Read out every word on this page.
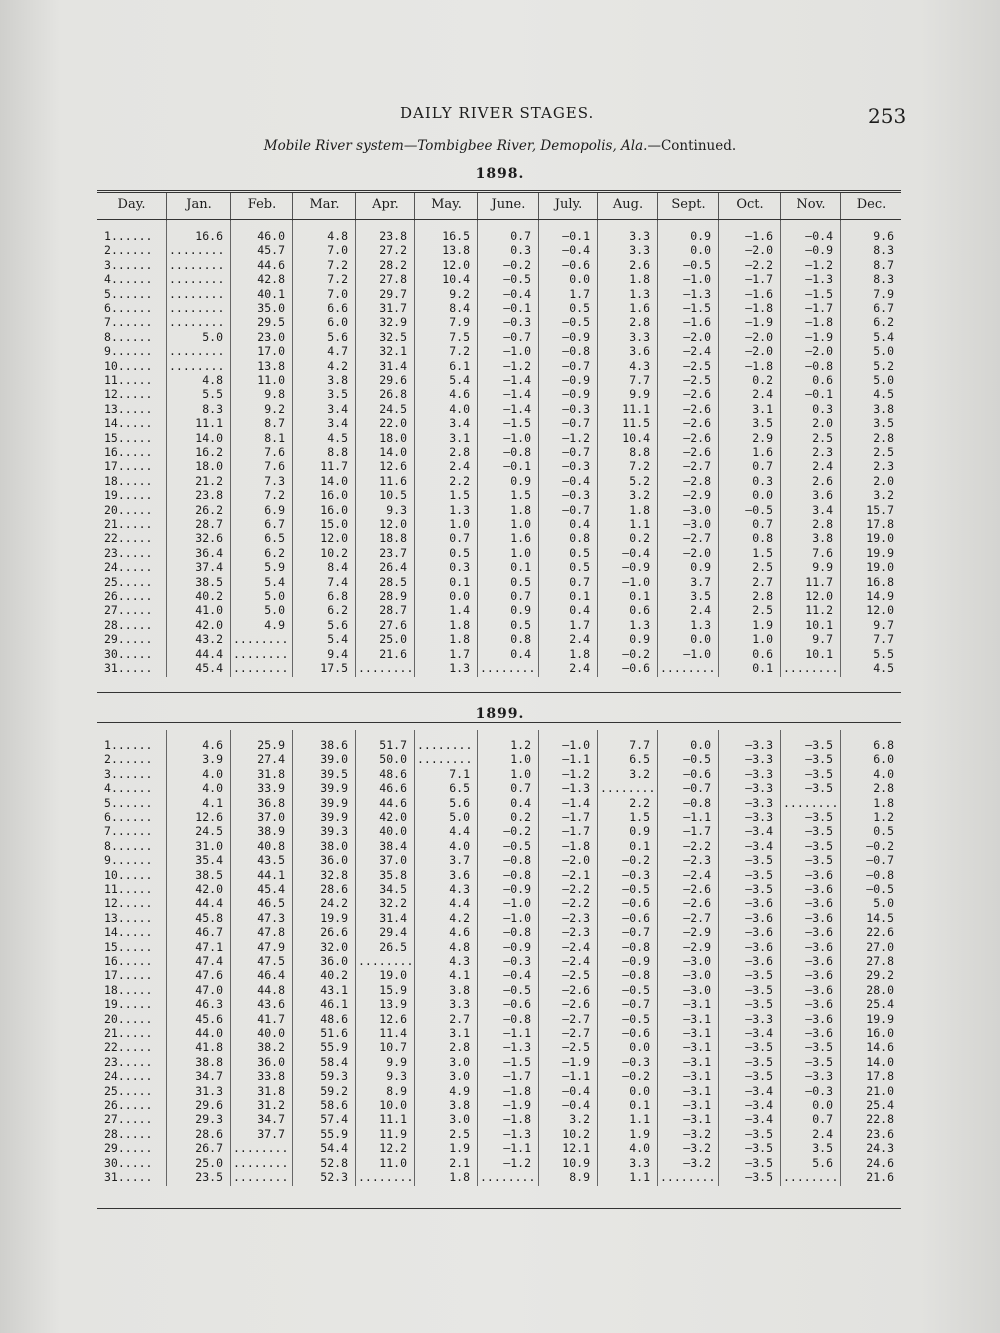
DAILY RIVER STAGES.	253
Mobile River system—Tombigbee River, Demopolis, Ala.—Continued.
Day.	Jan.	Feb.	Mar.	Apr.	May.	June.	July.	Aug.	Sept.	Oct.	Nov.	Dec.
1898.
1......	16.6	46.0	4.8	23.8	16.5	0.7	—0.1	3.3	0.9	—1.6	—0.4	9.6
2...... ........	45.7	7.0	27.2	13.8	0.3	—0.4	3.3	0.0	—2.0	—0.9	8.3
3...... ........	44.6	7.2	28.2	12.0	—0.2	—0.6	2.6	—0.5	—2.2	—1.2	8.7
4...... ........	42.8	7.2	27.8	10.4	—0.5	0.0	1.8	—1.0	—1.7	—1.3	8.3
5...... ........	40.1	7.0	29.7	9.2	—0.4	1.7	1.3	—1.3	—1.6	—1.5	7.9
6...... ........	35.0	6.6	31.7	8.4	—0.1	0.5	1.6	—1.5	—1.8	—1.7	6.7
7...... ........	29.5	6.0	32.9	7.9	—0.3	—0.5	2.8	—1.6	—1.9	—1.8	6.2
8......	5.0	23.0	5.6	32.5	7.5	—0.7	—0.9	3.3	—2.0	—2.0	—1.9	5.4
9...... ........	17.0	4.7	32.1	7.2	—1.0	—0.8	3.6	—2.4	—2.0	—2.0	5.0
10..... ........	13.8	4.2	31.4	6.1	—1.2	—0.7	4.3	—2.5	—1.8	—0.8	5.2
11.....	4.8	11.0	3.8	29.6	5.4	—1.4	—0.9	7.7	—2.5	0.2	0.6	5.0
12.....	5.5	9.8	3.5	26.8	4.6	—1.4	—0.9	9.9	—2.6	2.4	—0.1	4.5
13.....	8.3	9.2	3.4	24.5	4.0	—1.4	—0.3	11.1	—2.6	3.1	0.3	3.8
14.....	11.1	8.7	3.4	22.0	3.4	—1.5	—0.7	11.5	—2.6	3.5	2.0	3.5
15.....	14.0	8.1	4.5	18.0	3.1	—1.0	—1.2	10.4	—2.6	2.9	2.5	2.8
16.....	16.2	7.6	8.8	14.0	2.8	—0.8	—0.7	8.8	—2.6	1.6	2.3	2.5
17.....	18.0	7.6	11.7	12.6	2.4	—0.1	—0.3	7.2	—2.7	0.7	2.4	2.3
18.....	21.2	7.3	14.0	11.6	2.2	0.9	—0.4	5.2	—2.8	0.3	2.6	2.0
19.....	23.8	7.2	16.0	10.5	1.5	1.5	—0.3	3.2	—2.9	0.0	3.6	3.2
20.....	26.2	6.9	16.0	9.3	1.3	1.8	—0.7	1.8	—3.0	—0.5	3.4	15.7
21.....	28.7	6.7	15.0	12.0	1.0	1.0	0.4	1.1	—3.0	0.7	2.8	17.8
22.....	32.6	6.5	12.0	18.8	0.7	1.6	0.8	0.2	—2.7	0.8	3.8	19.0
23.....	36.4	6.2	10.2	23.7	0.5	1.0	0.5	—0.4	—2.0	1.5	7.6	19.9
24.....	37.4	5.9	8.4	26.4	0.3	0.1	0.5	—0.9	0.9	2.5	9.9	19.0
25.....	38.5	5.4	7.4	28.5	0.1	0.5	0.7	—1.0	3.7	2.7	11.7	16.8
26.....	40.2	5.0	6.8	28.9	0.0	0.7	0.1	0.1	3.5	2.8	12.0	14.9
27.....	41.0	5.0	6.2	28.7	1.4	0.9	0.4	0.6	2.4	2.5	11.2	12.0
28.....	42.0	4.9	5.6	27.6	1.8	0.5	1.7	1.3	1.3	1.9	10.1	9.7
29.....	43.2 ........	5.4	25.0	1.8	0.8	2.4	0.9	0.0	1.0	9.7	7.7
30.....	44.4 ........	9.4	21.6	1.7	0.4	1.8	—0.2	—1.0	0.6	10.1	5.5
31.....	45.4 ........	17.5 ........	1.3 ........	2.4	—0.6 ........	0.1 ........	4.5
1899.
1......	4.6	25.9	38.6	51.7 ........	1.2	—1.0	7.7	0.0	—3.3	—3.5	6.8
2......	3.9	27.4	39.0	50.0 ........	1.0	—1.1	6.5	—0.5	—3.3	—3.5	6.0
3......	4.0	31.8	39.5	48.6	7.1	1.0	—1.2	3.2	—0.6	—3.3	—3.5	4.0
4......	4.0	33.9	39.9	46.6	6.5	0.7	—1.3 ........	—0.7	—3.3	—3.5	2.8
5......	4.1	36.8	39.9	44.6	5.6	0.4	—1.4	2.2	—0.8	—3.3 ........	1.8
6......	12.6	37.0	39.9	42.0	5.0	0.2	—1.7	1.5	—1.1	—3.3	—3.5	1.2
7......	24.5	38.9	39.3	40.0	4.4	—0.2	—1.7	0.9	—1.7	—3.4	—3.5	0.5
8......	31.0	40.8	38.0	38.4	4.0	—0.5	—1.8	0.1	—2.2	—3.4	—3.5	—0.2
9......	35.4	43.5	36.0	37.0	3.7	—0.8	—2.0	—0.2	—2.3	—3.5	—3.5	—0.7
10.....	38.5	44.1	32.8	35.8	3.6	—0.8	—2.1	—0.3	—2.4	—3.5	—3.6	—0.8
11.....	42.0	45.4	28.6	34.5	4.3	—0.9	—2.2	—0.5	—2.6	—3.5	—3.6	—0.5
12.....	44.4	46.5	24.2	32.2	4.4	—1.0	—2.2	—0.6	—2.6	—3.6	—3.6	5.0
13.....	45.8	47.3	19.9	31.4	4.2	—1.0	—2.3	—0.6	—2.7	—3.6	—3.6	14.5
14.....	46.7	47.8	26.6	29.4	4.6	—0.8	—2.3	—0.7	—2.9	—3.6	—3.6	22.6
15.....	47.1	47.9	32.0	26.5	4.8	—0.9	—2.4	—0.8	—2.9	—3.6	—3.6	27.0
16.....	47.4	47.5	36.0 ........	4.3	—0.3	—2.4	—0.9	—3.0	—3.6	—3.6	27.8
17.....	47.6	46.4	40.2	19.0	4.1	—0.4	—2.5	—0.8	—3.0	—3.5	—3.6	29.2
18.....	47.0	44.8	43.1	15.9	3.8	—0.5	—2.6	—0.5	—3.0	—3.5	—3.6	28.0
19.....	46.3	43.6	46.1	13.9	3.3	—0.6	—2.6	—0.7	—3.1	—3.5	—3.6	25.4
20.....	45.6	41.7	48.6	12.6	2.7	—0.8	—2.7	—0.5	—3.1	—3.3	—3.6	19.9
21.....	44.0	40.0	51.6	11.4	3.1	—1.1	—2.7	—0.6	—3.1	—3.4	—3.6	16.0
22.....	41.8	38.2	55.9	10.7	2.8	—1.3	—2.5	0.0	—3.1	—3.5	—3.5	14.6
23.....	38.8	36.0	58.4	9.9	3.0	—1.5	—1.9	—0.3	—3.1	—3.5	—3.5	14.0
24.....	34.7	33.8	59.3	9.3	3.0	—1.7	—1.1	—0.2	—3.1	—3.5	—3.3	17.8
25.....	31.3	31.8	59.2	8.9	4.9	—1.8	—0.4	0.0	—3.1	—3.4	—0.3	21.0
26.....	29.6	31.2	58.6	10.0	3.8	—1.9	—0.4	0.1	—3.1	—3.4	0.0	25.4
27.....	29.3	34.7	57.4	11.1	3.0	—1.8	3.2	1.1	—3.1	—3.4	0.7	22.8
28.....	28.6	37.7	55.9	11.9	2.5	—1.3	10.2	1.9	—3.2	—3.5	2.4	23.6
29.....	26.7 ........	54.4	12.2	1.9	—1.1	12.1	4.0	—3.2	—3.5	3.5	24.3
30.....	25.0 ........	52.8	11.0	2.1	—1.2	10.9	3.3	—3.2	—3.5	5.6	24.6
31.....	23.5 ........	52.3 ........	1.8 ........	8.9	1.1 ........	—3.5 ........	21.6
